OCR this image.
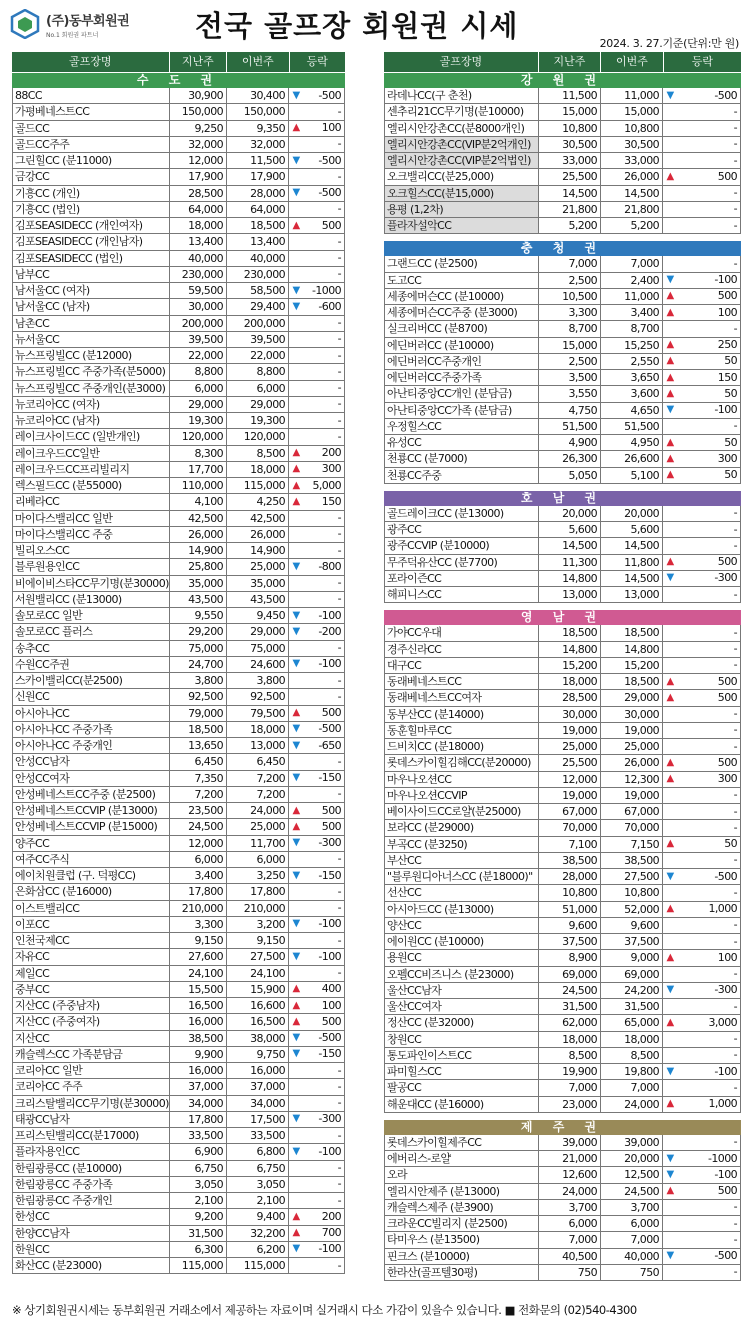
(주)동부회원권
No.1 회원권 파트너	전국 골프장 회원권 시세
2024. 3. 27.기준(단위:만 원)
골프장명	지난주	이번주	등락
수 도 권
88CC	30,900	30,400 ▼	-500
가평베네스트CC	150,000	150,000	-
골드CC	9,250	9,350 ▲	100
골드CC주주	32,000	32,000	-
그린힐CC (분11000)	12,000	11,500 ▼	-500
금강CC	17,900	17,900	-
기흥CC (개인)	28,500	28,000 ▼	-500
기흥CC (법인)	64,000	64,000	-
김포SEASIDECC (개인여자)	18,000	18,500 ▲	500
김포SEASIDECC (개인남자)	13,400	13,400	-
김포SEASIDECC (법인)	40,000	40,000	-
남부CC	230,000	230,000	-
남서울CC (여자)	59,500	58,500 ▼	-1000
남서울CC (남자)	30,000	29,400 ▼	-600
남촌CC	200,000	200,000	-
뉴서울CC	39,500	39,500	-
뉴스프링빌CC (분12000)	22,000	22,000	-
뉴스프링빌CC 주중가족(분5000)	8,800	8,800	-
뉴스프링빌CC 주중개인(분3000)	6,000	6,000	-
뉴코리아CC (여자)	29,000	29,000	-
뉴코리아CC (남자)	19,300	19,300	-
레이크사이드CC (일반개인)	120,000	120,000	-
레이크우드CC일반	8,300	8,500 ▲	200
레이크우드CC프리빌리지	17,700	18,000 ▲	300
렉스필드CC (분55000)	110,000	115,000 ▲	5,000
리베라CC	4,100	4,250 ▲	150
마이다스밸리CC 일반	42,500	42,500	-
마이다스밸리CC 주중	26,000	26,000	-
빌리오스CC	14,900	14,900	-
블루원용인CC	25,800	25,000 ▼	-800
비에이비스타CC무기명(분30000)	35,000	35,000	-
서원밸리CC (분13000)	43,500	43,500	-
솔모로CC 일반	9,550	9,450 ▼	-100
솔모로CC 플러스	29,200	29,000 ▼	-200
송추CC	75,000	75,000	-
수원CC주권	24,700	24,600 ▼	-100
스카이밸리CC(분2500)	3,800	3,800	-
신원CC	92,500	92,500	-
아시아나CC	79,000	79,500 ▲	500
아시아나CC 주중가족	18,500	18,000 ▼	-500
아시아나CC 주중개인	13,650	13,000 ▼	-650
안성CC남자	6,450	6,450	-
안성CC여자	7,350	7,200 ▼	-150
안성베네스트CC주중 (분2500)	7,200	7,200	-
안성베네스트CCVIP (분13000)	23,500	24,000 ▲	500
안성베네스트CCVIP (분15000)	24,500	25,000 ▲	500
양주CC	12,000	11,700 ▼	-300
여주CC주식	6,000	6,000	-
에이치원클럽 (구. 덕평CC)	3,400	3,250 ▼	-150
은화삼CC (분16000)	17,800	17,800	-
이스트밸리CC	210,000	210,000	-
이포CC	3,300	3,200 ▼	-100
인천국제CC	9,150	9,150	-
자유CC	27,600	27,500 ▼	-100
제일CC	24,100	24,100	-
중부CC	15,500	15,900 ▲	400
지산CC (주중남자)	16,500	16,600 ▲	100
지산CC (주중여자)	16,000	16,500 ▲	500
지산CC	38,500	38,000 ▼	-500
캐슬렉스CC 가족분담금	9,900	9,750 ▼	-150
코리아CC 일반	16,000	16,000	-
코리아CC 주주	37,000	37,000	-
크리스탈밸리CC무기명(분30000)	34,000	34,000	-
태광CC남자	17,800	17,500 ▼	-300
프리스틴밸리CC(분17000)	33,500	33,500	-
플라자용인CC	6,900	6,800 ▼	-100
한림광릉CC (분10000)	6,750	6,750	-
한림광릉CC 주중가족	3,050	3,050	-
한림광릉CC 주중개인	2,100	2,100	-
한성CC	9,200	9,400 ▲	200
한양CC남자	31,500	32,200 ▲	700
한원CC	6,300	6,200 ▼	-100
화산CC (분23000)	115,000	115,000	-
골프장명	지난주	이번주	등락
강 원 권
라데나CC(구 춘천)	11,500	11,000 ▼	-500
센추리21CC무기명(분10000)	15,000	15,000	-
엘리시안강촌CC(분8000개인)	10,800	10,800	-
엘리시안강촌CC(VIP분2억개인)	30,500	30,500	-
엘리시안강촌CC(VIP분2억법인)	33,000	33,000	-
오크밸리CC(분25,000)	25,500	26,000 ▲	500
오크힐스CC(분15,000)	14,500	14,500	-
용평 (1,2차)	21,800	21,800	-
플라자설악CC	5,200	5,200	-
충 청 권
그랜드CC (분2500)	7,000	7,000	-
도고CC	2,500	2,400 ▼	-100
세종에머슨CC (분10000)	10,500	11,000 ▲	500
세종에머슨CC주중 (분3000)	3,300	3,400 ▲	100
실크리버CC (분8700)	8,700	8,700	-
에딘버러CC (분10000)	15,000	15,250 ▲	250
에딘버러CC주중개인	2,500	2,550 ▲	50
에딘버러CC주중가족	3,500	3,650 ▲	150
아난티중앙CC개인 (분담금)	3,550	3,600 ▲	50
아난티중앙CC가족 (분담금)	4,750	4,650 ▼	-100
우정힐스CC	51,500	51,500	-
유성CC	4,900	4,950 ▲	50
천룡CC (분7000)	26,300	26,600 ▲	300
천룡CC주중	5,050	5,100 ▲	50
호 남 권
골드레이크CC (분13000)	20,000	20,000	-
광주CC	5,600	5,600	-
광주CCVIP (분10000)	14,500	14,500	-
무주덕유산CC (분7700)	11,300	11,800 ▲	500
포라이즌CC	14,800	14,500 ▼	-300
해피니스CC	13,000	13,000	-
영 남 권
가야CC우대	18,500	18,500	-
경주신라CC	14,800	14,800	-
대구CC	15,200	15,200	-
동래베네스트CC	18,000	18,500 ▲	500
동래베네스트CC여자	28,500	29,000 ▲	500
동부산CC (분14000)	30,000	30,000	-
동훈힐마루CC	19,000	19,000	-
드비치CC (분18000)	25,000	25,000	-
롯데스카이힐김해CC(분20000)	25,500	26,000 ▲	500
마우나오션CC	12,000	12,300 ▲	300
마우나오션CCVIP	19,000	19,000	-
베이사이드CC로얄(분25000)	67,000	67,000	-
보라CC (분29000)	70,000	70,000	-
부곡CC (분3250)	7,100	7,150 ▲	50
부산CC	38,500	38,500	-
"블루원디아너스CC (분18000)"	28,000	27,500 ▼	-500
선산CC	10,800	10,800	-
아시아드CC (분13000)	51,000	52,000 ▲	1,000
양산CC	9,600	9,600	-
에이원CC (분10000)	37,500	37,500	-
용원CC	8,900	9,000 ▲	100
오펠CC비즈니스 (분23000)	69,000	69,000	-
울산CC남자	24,500	24,200 ▼	-300
울산CC여자	31,500	31,500	-
정산CC (분32000)	62,000	65,000 ▲	3,000
창원CC	18,000	18,000	-
통도파인이스트CC	8,500	8,500	-
파미힐스CC	19,900	19,800 ▼	-100
팔공CC	7,000	7,000	-
해운대CC (분16000)	23,000	24,000 ▲	1,000
제 주 권
롯데스카이힐제주CC	39,000	39,000	-
에버리스-로얄	21,000	20,000 ▼	-1000
오라	12,600	12,500 ▼	-100
엘리시안제주 (분13000)	24,000	24,500 ▲	500
캐슬렉스제주 (분3900)	3,700	3,700	-
크라운CC빌리지 (분2500)	6,000	6,000	-
타미우스 (분13500)	7,000	7,000	-
핀크스 (분10000)	40,500	40,000 ▼	-500
한라산(골프텔30평)	750	750	-
※ 상기회원권시세는 동부회원권 거래소에서 제공하는 자료이며 실거래시 다소 가감이 있을수 있습니다. ■ 전화문의 (02)540-4300
